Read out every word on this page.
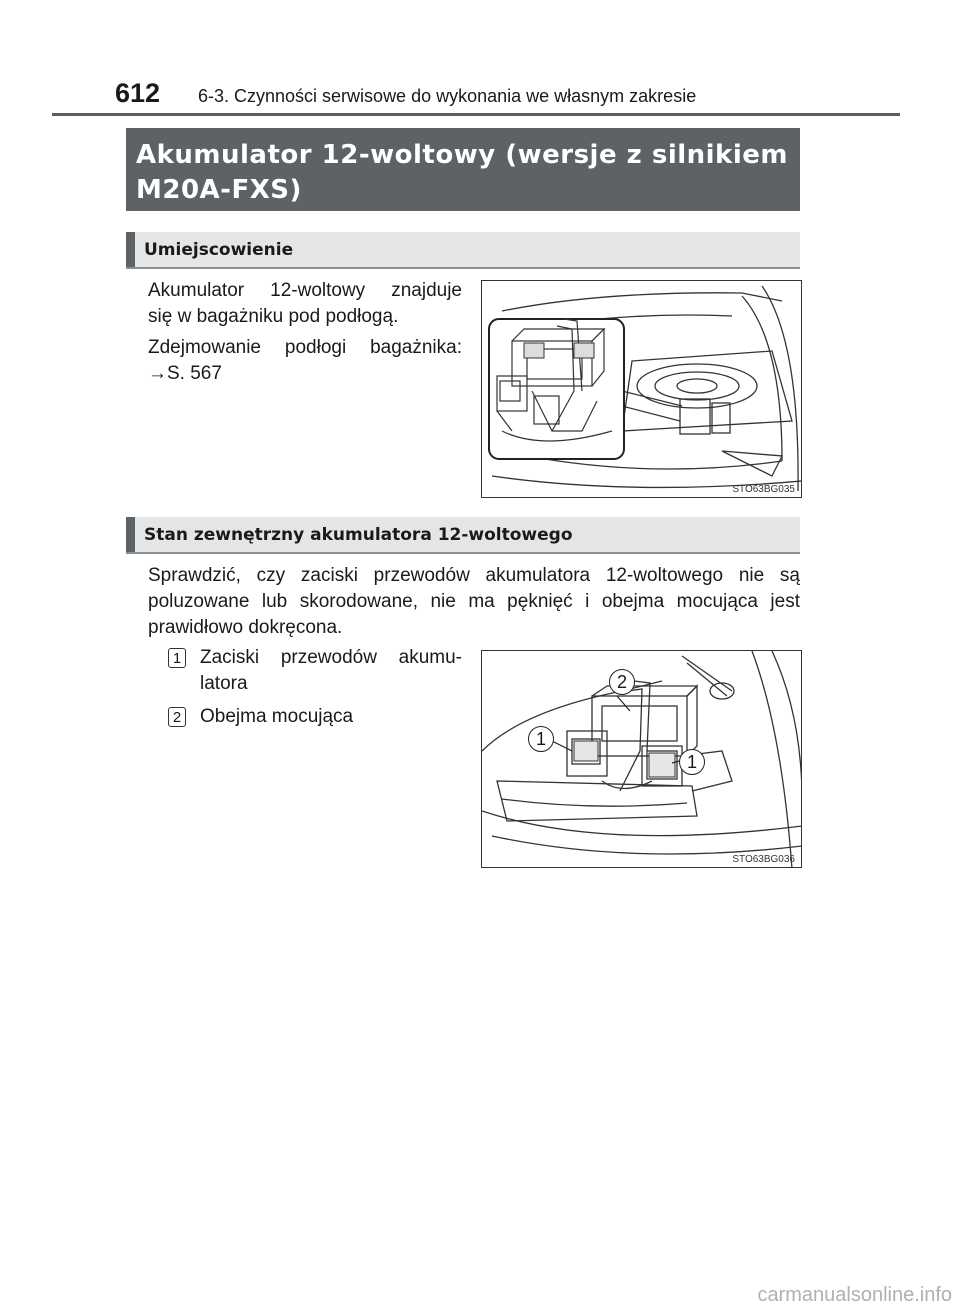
612 6-3. Czynności serwisowe do wykonania we własnym zakresie
Akumulator 12-woltowy (wersje z silnikiem
M20A-FXS)
Umiejscowienie
Akumulator 12-woltowy znajduje
się w bagażniku pod podłogą.
Zdejmowanie podłogi bagażnika:
→S. 567
STO63BG035
Stan zewnętrzny akumulatora 12-woltowego
Sprawdzić, czy zaciski przewodów akumulatora 12-woltowego nie są
poluzowane lub skorodowane, nie ma pęknięć i obejma mocująca jest
prawidłowo dokręcona.
1 Zaciski przewodów akumu-
latora
2 Obejma mocująca
2
1
1
STO63BG036
carmanualsonline.info
